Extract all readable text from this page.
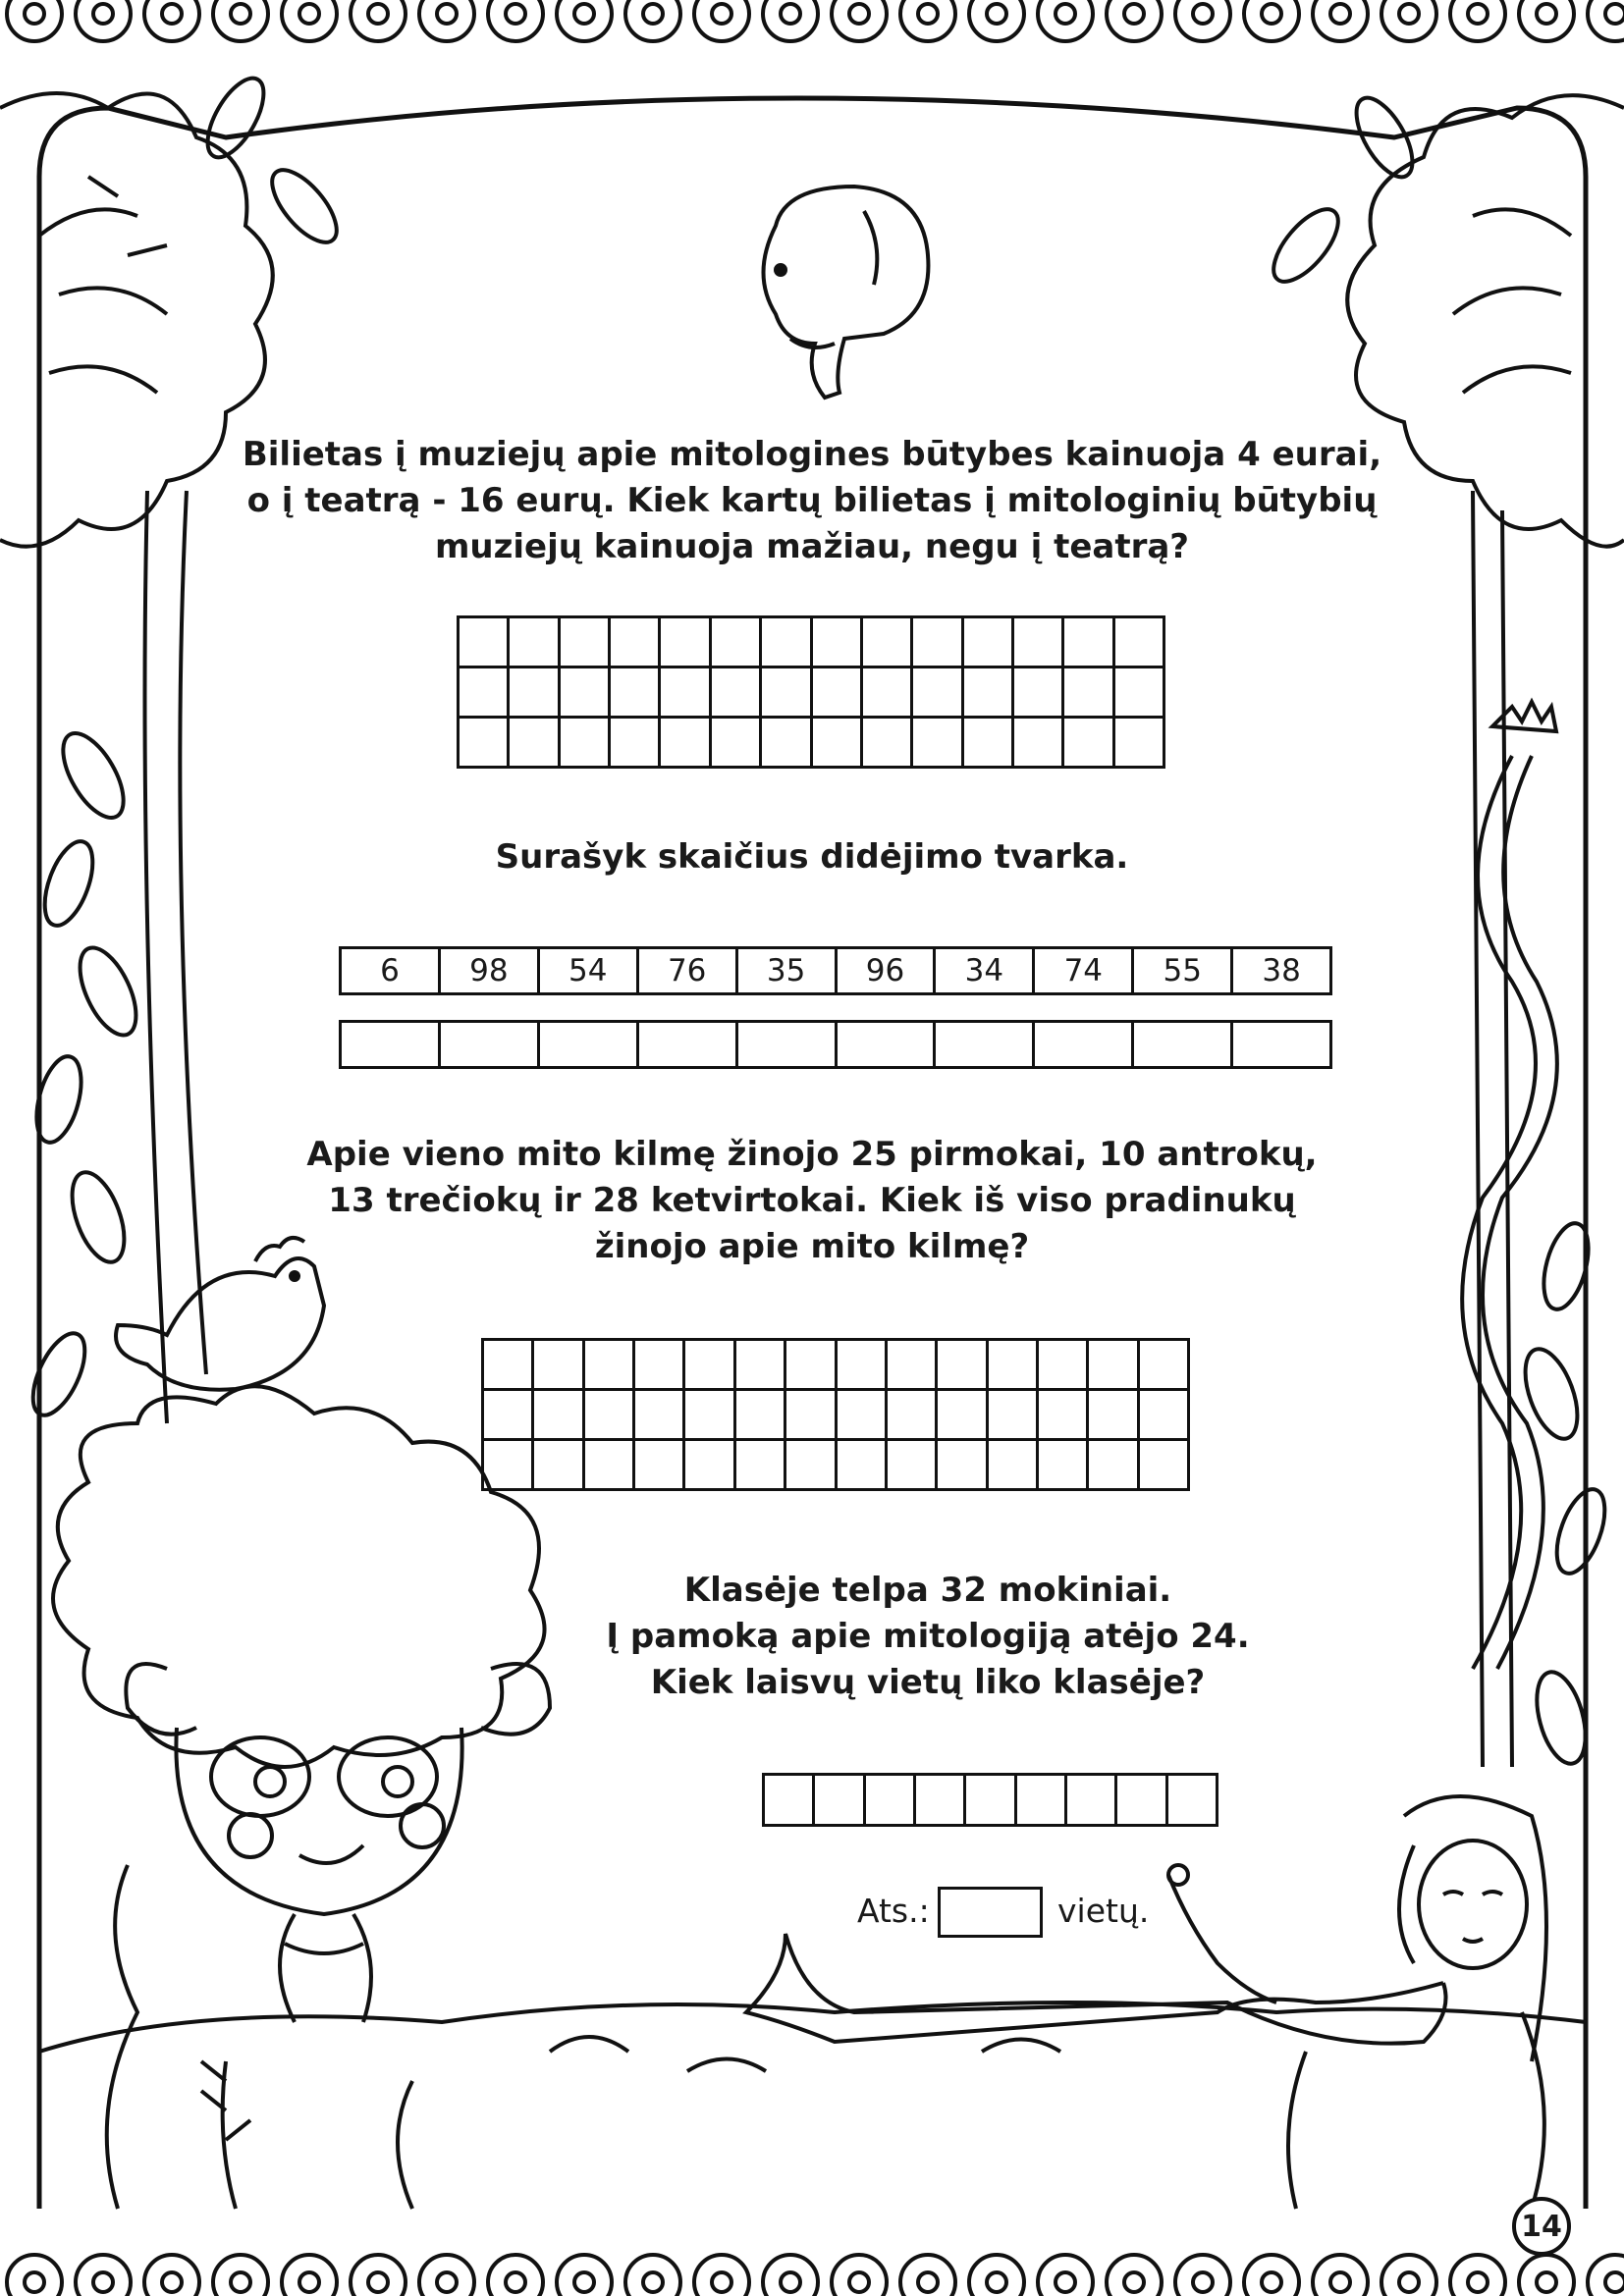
Bilietas į muziejų apie mitologines būtybes kainuoja 4 eurai,

o į teatrą - 16 eurų. Kiek kartų bilietas į mitologinių būtybių

muziejų kainuoja mažiau, negu į teatrą?

Surašyk skaičius didėjimo tvarka.
6	98	54	76	35	96	34	74	55	38

Apie vieno mito kilmę žinojo 25 pirmokai, 10 antrokų,

13 trečiokų ir 28 ketvirtokai. Kiek iš viso pradinukų

žinojo apie mito kilmę?

Klasėje telpa 32 mokiniai.

Į pamoką apie mitologiją atėjo 24.

Kiek laisvų vietų liko klasėje?

Ats.:	vietų.
14
